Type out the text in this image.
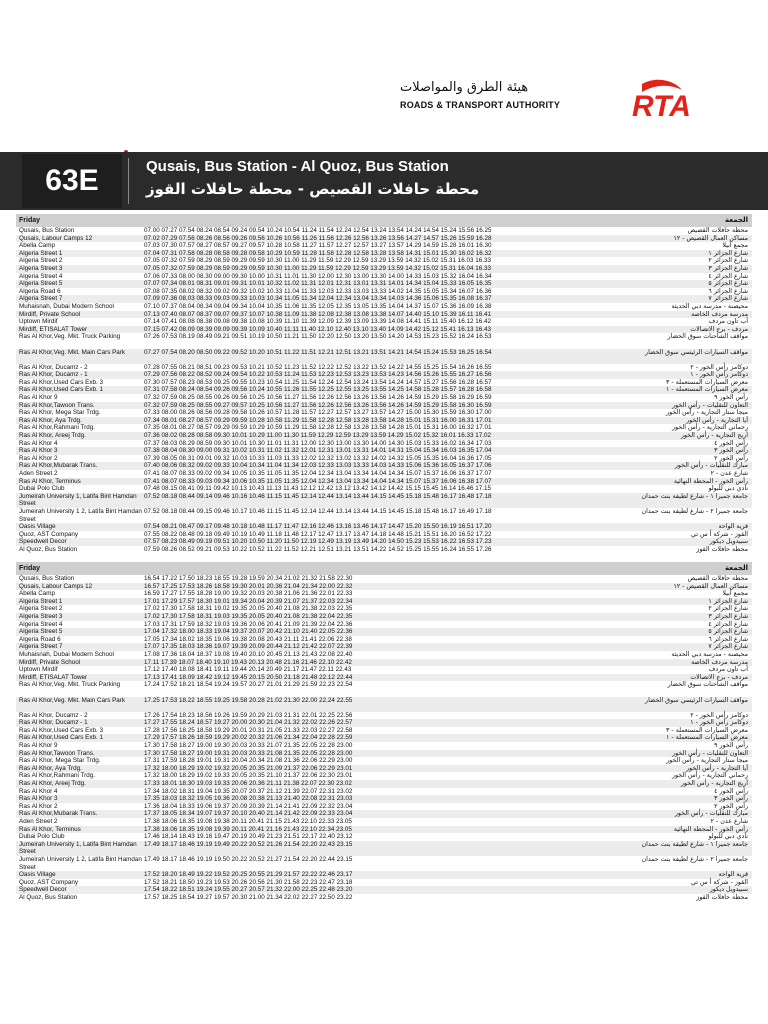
هيئة الطرق والمواصلات
ROADS & TRANSPORT AUTHORITY	RTA
63E	Qusais, Bus Station - Al Quoz, Bus Station
محطة حافلات القصيص - محطة حافلات القوز
Friday	الجمعة
Qusais, Bus Station	07.00 07.27 07.54 08.24 08.54 09.24 09.54 10.24 10.54 11.24 11.54 12.24 12.54 13.24 13.54 14.24 14.54 15.24 15.56 16.25	محطة حافلات القصيص
Qusais, Labour Camps 12	07.02 07.29 07.56 08.26 08.56 09.26 09.56 10.26 10.56 11.26 11.56 12.26 12.56 13.26 13.56 14.27 14.57 15.26 15.59 16.28	مساكن العمال القصيص - ١٢
Abella Camp	07.03 07.30 07.57 08.27 08.57 09.27 09.57 10.28 10.58 11.27 11.57 12.27 12.57 13.27 13.57 14.29 14.59 15.28 16.01 16.30	مجمع أبيلا
Algeria Street 1	07.04 07.31 07.58 08.28 08.58 09.28 09.58 10.29 10.59 11.28 11.58 12.28 12.58 13.28 13.58 14.31 15.01 15.30 16.02 16.32	شارع الجزائر ١
Algeria Street 2	07.05 07.32 07.59 08.29 08.59 09.29 09.59 10.30 11.00 11.29 11.59 12.29 12.59 13.29 13.59 14.32 15.02 15.31 16.03 16.33	شارع الجزائر ٢
Algeria Street 3	07.05 07.32 07.59 08.29 08.59 09.29 09.59 10.30 11.00 11.29 11.59 12.29 12.59 13.29 13.59 14.32 15.02 15.31 16.04 16.33	شارع الجزائر ٣
Algeria Street 4	07.06 07.33 08.00 08.30 09.00 09.30 10.00 10.31 11.01 11.30 12.00 12.30 13.00 13.30 14.00 14.33 15.03 15.32 16.04 16.34	شارع الجزائر ٤
Algeria Street 5	07.07 07.34 08.01 08.31 09.01 09.31 10.01 10.32 11.02 11.31 12.01 12.31 13.01 13.31 14.01 14.34 15.04 15.33 16.05 16.35	شارع الجزائر ٥
Algeria Road 6	07.08 07.35 08.02 08.32 09.02 09.32 10.02 10.33 11.04 11.33 12.03 12.33 13.03 13.33 14.02 14.35 15.05 15.34 16.07 16.36	شارع الجزائر ٦
Algeria Street 7	07.09 07.36 08.03 08.33 09.03 09.33 10.03 10.34 11.05 11.34 12.04 12.34 13.04 13.34 14.03 14.36 15.06 15.35 16.08 16.37	شارع الجزائر ٧
Muhaisnah, Dubai Modern School	07.10 07.37 08.04 08.34 09.04 09.34 10.04 10.35 11.06 11.35 12.05 12.35 13.05 13.35 14.04 14.37 15.07 15.36 16.09 16.38	محيصنة - مدرسة دبي الحديثة
Mirdiff, Private School	07.13 07.40 08.07 08.37 09.07 09.37 10.07 10.38 11.09 11.38 12.08 12.38 13.08 13.38 14.07 14.40 15.10 15.39 16.11 16.41	مدرسة مردف الخاصة
Uptown Mirdif	07.14 07.41 08.08 08.38 09.08 09.38 10.08 10.39 11.10 11.39 12.09 12.39 13.09 13.39 14.08 14.41 15.11 15.40 16.12 16.42	أب تاون مردف
Mirdiff, ETISALAT Tower	07.15 07.42 08.09 08.39 09.09 09.39 10.09 10.40 11.11 11.40 12.10 12.40 13.10 13.40 14.09 14.42 15.12 15.41 16.13 16.43	مردف - برج الاتصالات
Ras Al Khor,Veg. Mkt. Truck Parking	07.26 07.53 08.19 08.49 09.21 09.51 10.19 10.50 11.21 11.50 12.20 12.50 13.20 13.50 14.20 14.53 15.23 15.52 16.24 16.53	مواقف الشاحنات سوق الخضار
Ras Al Khor,Veg. Mkt. Main Cars Park	07.27 07.54 08.20 08.50 09.22 09.52 10.20 10.51 11.22 11.51 12.21 12.51 13.21 13.51 14.21 14.54 15.24 15.53 16.25 16.54	مواقف السيارات الرئيسي سوق الخضار
Ras Al Khor, Ducamz - 2	07.28 07.55 08.21 08.51 09.23 09.53 10.21 10.52 11.23 11.52 12.22 12.52 13.22 13.52 14.22 14.55 15.25 15.54 16.26 16.55	دوكامز رأس الخور - ٢
Ras Al Khor, Ducamz - 1	07.29 07.56 08.22 08.52 09.24 09.54 10.22 10.53 11.24 11.53 12.23 12.53 13.23 13.53 14.23 14.56 15.26 15.55 16.27 16.56	دوكامز رأس الخور - ١
Ras Al Khor,Used Cars Exb. 3	07.30 07.57 08.23 08.53 09.25 09.55 10.23 10.54 11.25 11.54 12.24 12.54 13.24 13.54 14.24 14.57 15.27 15.56 16.28 16.57	معرض السيارات المستعملة - ٣
Ras Al Khor,Used Cars Exb. 1	07.31 07.58 08.24 08.54 09.26 09.56 10.24 10.55 11.26 11.55 12.25 12.55 13.25 13.55 14.25 14.58 15.28 15.57 16.28 16.58	معرض السيارات المستعملة - ١
Ras Al Khor 9	07.32 07.59 08.25 08.55 09.26 09.56 10.25 10.56 11.27 11.56 12.26 12.56 13.26 13.56 14.26 14.59 15.29 15.58 16.29 16.59	رأس الخور ٩
Ras Al Khor,Tawoon Trans.	07.32 07.59 08.25 08.55 09.27 09.57 10.25 10.56 11.27 11.56 12.26 12.56 13.26 13.56 14.26 14.59 15.29 15.58 16.30 16.59	التعاون للنقليات - رأس الخور
Ras Al Khor, Mega Star Trdg.	07.33 08.00 08.26 08.56 09.28 09.58 10.26 10.57 11.28 11.57 12.27 12.57 13.27 13.57 14.27 15.00 15.30 15.59 16.30 17.00	ميجا ستار التجارية - رأس الخور
Ras Al Khor, Aya Trdg.	07.34 08.01 08.27 08.57 09.29 09.59 10.28 10.58 11.29 11.58 12.28 12.58 13.28 13.58 14.28 15.01 15.31 16.00 16.31 17.01	آيا التجارية - رأس الخور
Ras Al Khor,Rahmani Trdg.	07.35 08.01 08.27 08.57 09.29 09.59 10.29 10.59 11.29 11.58 12.28 12.58 13.28 13.58 14.28 15.01 15.31 16.00 16.32 17.01	رحماني التجارية - رأس الخور
Ras Al Khor, Areej Trdg.	07.36 08.02 08.28 08.58 09.30 10.01 10.29 11.00 11.30 11.59 12.29 12.59 13.29 13.59 14.29 15.02 15.32 16.01 16.33 17.02	أريج التجارية - رأس الخور
Ras Al Khor 4	07.37 08.03 08.29 08.59 09.30 10.01 10.30 11.01 11.31 12.00 12.30 13.00 13.30 14.00 14.30 15.03 15.33 16.02 16.34 17.03	رأس الخور ٤
Ras Al Khor 3	07.38 08.04 08.30 09.00 09.31 10.02 10.31 11.02 11.32 12.01 12.31 13.01 13.31 14.01 14.31 15.04 15.34 16.03 16.35 17.04	رأس الخور ٣
Ras Al Khor 2	07.39 08.05 08.31 09.01 09.32 10.03 10.33 11.03 11.33 12.02 12.32 13.02 13.32 14.02 14.32 15.05 15.35 16.04 16.36 17.05	رأس الخور ٢
Ras Al Khor,Mubarak Trans.	07.40 08.06 08.32 09.02 09.33 10.04 10.34 11.04 11.34 12.03 12.33 13.03 13.33 14.03 14.33 15.06 15.36 16.05 16.37 17.06	مبارك للنقليات - رأس الخور
Aden Street 2	07.41 08.07 08.33 09.02 09.34 10.05 10.35 11.05 11.35 12.04 12.34 13.04 13.34 14.04 14.34 15.07 15.37 16.06 16.37 17.07	شارع عدن - ٢
Ras Al Khor, Terminus	07.41 08.07 08.33 09.03 09.34 10.06 10.35 11.05 11.35 12.04 12.34 13.04 13.34 14.04 14.34 15.07 15.37 16.06 16.38 17.07	رأس الخور - المحطة النهائية
Dubai Polo Club	07.48 08.15 08.41 09.11 09.42 10.13 10.43 11.13 11.43 12.12 12.42 13.12 13.42 14.12 14.42 15.15 15.45 16.14 16.46 17.15	نادي دبي للبولو
Jumeirah University 1, Latifa Bint Hamdan Street
07.52 08.18 08.44 09.14 09.46 10.16 10.46 11.15 11.45 12.14 12.44 13.14 13.44 14.15 14.45 15.18 15.48 16.17 16.48 17.18	جامعة جميرا ١ - شارع لطيفة بنت حمدان
Jumeirah University 1 2, Latifa Bint Hamdan Street
07.52 08.18 08.44 09.15 09.46 10.17 10.46 11.15 11.45 12.14 12.44 13.14 13.44 14.15 14.45 15.18 15.48 16.17 16.49 17.18	جامعة جميرا ٢ - شارع لطيفة بنت حمدان
Oasis Village	07.54 08.21 08.47 09.17 09.48 10.18 10.48 11.17 11.47 12.16 12.46 13.16 13.46 14.17 14.47 15.20 15.50 16.19 16.51 17.20	قرية الواحة
Quoz, AST Company	07.55 08.22 08.48 09.18 09.49 10.19 10.49 11.18 11.48 12.17 12.47 13.17 13.47 14.18 14.48 15.21 15.51 16.20 16.52 17.22	القوز - شركة أ س تي
Speedwell Decor	07.57 08.23 08.49 09.19 09.51 10.20 10.50 11.20 11.50 12.19 12.49 13.19 13.49 14.20 14.50 15.23 15.53 16.22 16.53 17.23	سبيدويل ديكور
Al Quoz, Bus Station	07.59 08.26 08.52 09.21 09.53 10.22 10.52 11.22 11.52 12.21 12.51 13.21 13.51 14.22 14.52 15.25 15.55 16.24 16.55 17.26	محطة حافلات القوز
Friday	الجمعة
Qusais, Bus Station	16.54 17.22 17.50 18.23 18.55 19.28 19.59 20.34 21.02 21.32 21.58 22.30	محطة حافلات القصيص
Qusais, Labour Camps 12	16.57 17.25 17.53 18.26 18.58 19.30 20.01 20.36 21.04 21.34 22.00 22.32	مساكن العمال القصيص - ١٢
Abella Camp	16.59 17.27 17.55 18.28 19.00 19.32 20.03 20.38 21.06 21.36 22.01 22.33	مجمع أبيلا
Algeria Street 1	17.01 17.29 17.57 18.30 19.01 19.34 20.04 20.39 21.07 21.37 22.03 22.34	شارع الجزائر ١
Algeria Street 2	17.02 17.30 17.58 18.31 19.02 19.35 20.05 20.40 21.08 21.38 22.03 22.35	شارع الجزائر ٢
Algeria Street 3	17.02 17.30 17.58 18.31 19.03 19.35 20.05 20.40 21.08 21.38 22.04 22.35	شارع الجزائر ٣
Algeria Street 4	17.03 17.31 17.59 18.32 19.03 19.36 20.06 20.41 21.09 21.39 22.04 22.36	شارع الجزائر ٤
Algeria Street 5	17.04 17.32 18.00 18.33 19.04 19.37 20.07 20.42 21.10 21.40 22.05 22.36	شارع الجزائر ٥
Algeria Road 6	17.05 17.34 18.02 18.35 19.06 19.38 20.08 20.43 21.11 21.41 22.06 22.38	شارع الجزائر ٦
Algeria Street 7	17.07 17.35 18.03 18.36 19.07 19.39 20.09 20.44 21.12 21.42 22.07 22.39	شارع الجزائر ٧
Muhaisnah, Dubai Modern School	17.08 17.36 18.04 18.37 19.08 19.40 20.10 20.45 21.13 21.43 22.08 22.40	محيصنة - مدرسة دبي الحديثة
Mirdiff, Private School	17.11 17.39 18.07 18.40 19.10 19.43 20.13 20.48 21.16 21.46 22.10 22.42	مدرسة مردف الخاصة
Uptown Mirdif	17.12 17.40 18.08 18.41 19.11 19.44 20.14 20.49 21.17 21.47 22.11 22.43	أب تاون مردف
Mirdiff, ETISALAT Tower	17.13 17.41 18.09 18.42 19.12 19.45 20.15 20.50 21.18 21.48 22.12 22.44	مردف - برج الاتصالات
Ras Al Khor,Veg. Mkt. Truck Parking	17.24 17.52 18.21 18.54 19.24 19.57 20.27 21.01 21.29 21.59 22.23 22.54	مواقف الشاحنات سوق الخضار
Ras Al Khor,Veg. Mkt. Main Cars Park	17.25 17.53 18.22 18.55 19.25 19.58 20.28 21.02 21.30 22.00 22.24 22.55	مواقف السيارات الرئيسي سوق الخضار
Ras Al Khor, Ducamz - 2	17.26 17.54 18.23 18.56 19.26 19.59 20.29 21.03 21.31 22.01 22.25 22.56	دوكامز رأس الخور - ٢
Ras Al Khor, Ducamz - 1	17.27 17.55 18.24 18.57 19.27 20.00 20.30 21.04 21.32 22.02 22.26 22.57	دوكامز رأس الخور - ١
Ras Al Khor,Used Cars Exb. 3	17.28 17.56 18.25 18.58 19.29 20.01 20.31 21.05 21.33 22.03 22.27 22.58	معرض السيارات المستعملة - ٣
Ras Al Khor,Used Cars Exb. 1	17.29 17.57 18.26 18.59 19.29 20.02 20.32 21.06 21.34 22.04 22.28 22.59	معرض السيارات المستعملة - ١
Ras Al Khor 9	17.30 17.58 18.27 19.00 19.30 20.03 20.33 21.07 21.35 22.05 22.28 23.00	رأس الخور ٩
Ras Al Khor,Tawoon Trans.	17.30 17.58 18.27 19.00 19.31 20.03 20.33 21.08 21.35 22.05 22.28 23.00	التعاون للنقليات - رأس الخور
Ras Al Khor, Mega Star Trdg.	17.31 17.59 18.28 19.01 19.31 20.04 20.34 21.08 21.36 22.06 22.29 23.00	ميجا ستار التجارية - رأس الخور
Ras Al Khor, Aya Trdg.	17.32 18.00 18.29 19.02 19.32 20.05 20.35 21.09 21.37 22.06 22.29 23.01	آيا التجارية - رأس الخور
Ras Al Khor,Rahmani Trdg.	17.32 18.00 18.29 19.02 19.33 20.05 20.35 21.10 21.37 22.06 22.30 23.01	رحماني التجارية - رأس الخور
Ras Al Khor, Areej Trdg.	17.33 18.01 18.30 19.03 19.33 20.06 20.36 21.11 21.38 22.07 22.30 23.02	أريج التجارية - رأس الخور
Ras Al Khor 4	17.34 18.02 18.31 19.04 19.35 20.07 20.37 21.12 21.39 22.07 22.31 23.02	رأس الخور ٤
Ras Al Khor 3	17.35 18.03 18.32 19.05 19.36 20.08 20.38 21.13 21.40 22.08 22.31 23.03	رأس الخور ٣
Ras Al Khor 2	17.36 18.04 18.33 19.06 19.37 20.09 20.39 21.14 21.41 22.09 22.32 23.04	رأس الخور ٢
Ras Al Khor,Mubarak Trans.	17.37 18.05 18.34 19.07 19.37 20.10 20.40 21.14 21.42 22.09 22.33 23.04	مبارك للنقليات - رأس الخور
Aden Street 2	17.38 18.06 18.35 19.08 19.38 20.11 20.41 21.15 21.43 22.10 22.33 23.05	شارع عدن - ٢
Ras Al Khor, Terminus	17.38 18.06 18.35 19.08 19.39 20.11 20.41 21.16 21.43 22.10 22.34 23.05	رأس الخور - المحطة النهائية
Dubai Polo Club	17.46 18.14 18.43 19.16 19.47 20.19 20.49 21.23 21.51 22.17 22.40 23.12	نادي دبي للبولو
Jumeirah University 1, Latifa Bint Hamdan Street
17.49 18.17 18.46 19.19 19.49 20.22 20.52 21.26 21.54 22.20 22.43 23.15	جامعة جميرا ١ - شارع لطيفة بنت حمدان
Jumeirah University 1 2, Latifa Bint Hamdan Street
17.49 18.17 18.46 19.19 19.50 20.22 20.52 21.27 21.54 22.20 22.44 23.15	جامعة جميرا ٢ - شارع لطيفة بنت حمدان
Oasis Village	17.52 18.20 18.49 19.22 19.52 20.25 20.55 21.29 21.57 22.22 22.46 23.17	قرية الواحة
Quoz, AST Company	17.52 18.21 18.50 19.23 19.53 20.26 20.56 21.30 21.58 22.23 22.47 23.18	القوز - شركة أ س تي
Speedwell Decor	17.54 18.22 18.51 19.24 19.55 20.27 20.57 21.32 22.00 22.25 22.48 23.20	سبيدويل ديكور
Al Quoz, Bus Station	17.57 18.25 18.54 19.27 19.57 20.30 21.00 21.34 22.02 22.27 22.50 23.22	محطة حافلات القوز
